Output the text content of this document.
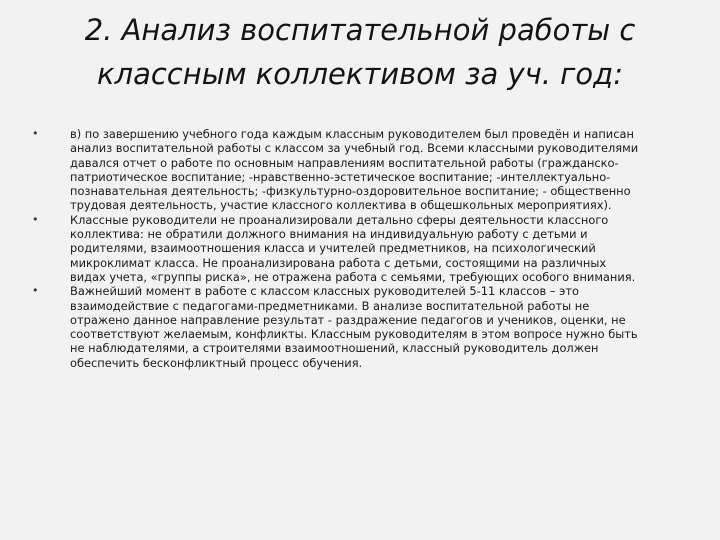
2. Анализ воспитательной работы с
классным коллективом за уч. год:
•	в) по завершению учебного года каждым классным руководителем был проведён и написан
анализ воспитательной работы с классом за учебный год. Всеми классными руководителями
давался отчет о работе по основным направлениям воспитательной работы (гражданско-
патриотическое воспитание; -нравственно-эстетическое воспитание; -интеллектуально-
познавательная деятельность; -физкультурно-оздоровительное воспитание; - общественно
трудовая деятельность, участие классного коллектива в общешкольных мероприятиях).
•	Классные руководители не проанализировали детально сферы деятельности классного
коллектива: не обратили должного внимания на индивидуальную работу с детьми и
родителями, взаимоотношения класса и учителей предметников, на психологический
микроклимат класса. Не проанализирована работа с детьми, состоящими на различных
видах учета, «группы риска», не отражена работа с семьями, требующих особого внимания.
•	Важнейший момент в работе с классом классных руководителей 5-11 классов – это
взаимодействие с педагогами-предметниками. В анализе воспитательной работы не
отражено данное направление результат - раздражение педагогов и учеников, оценки, не
соответствуют желаемым, конфликты. Классным руководителям в этом вопросе нужно быть
не наблюдателями, а строителями взаимоотношений, классный руководитель должен
обеспечить бесконфликтный процесс обучения.
